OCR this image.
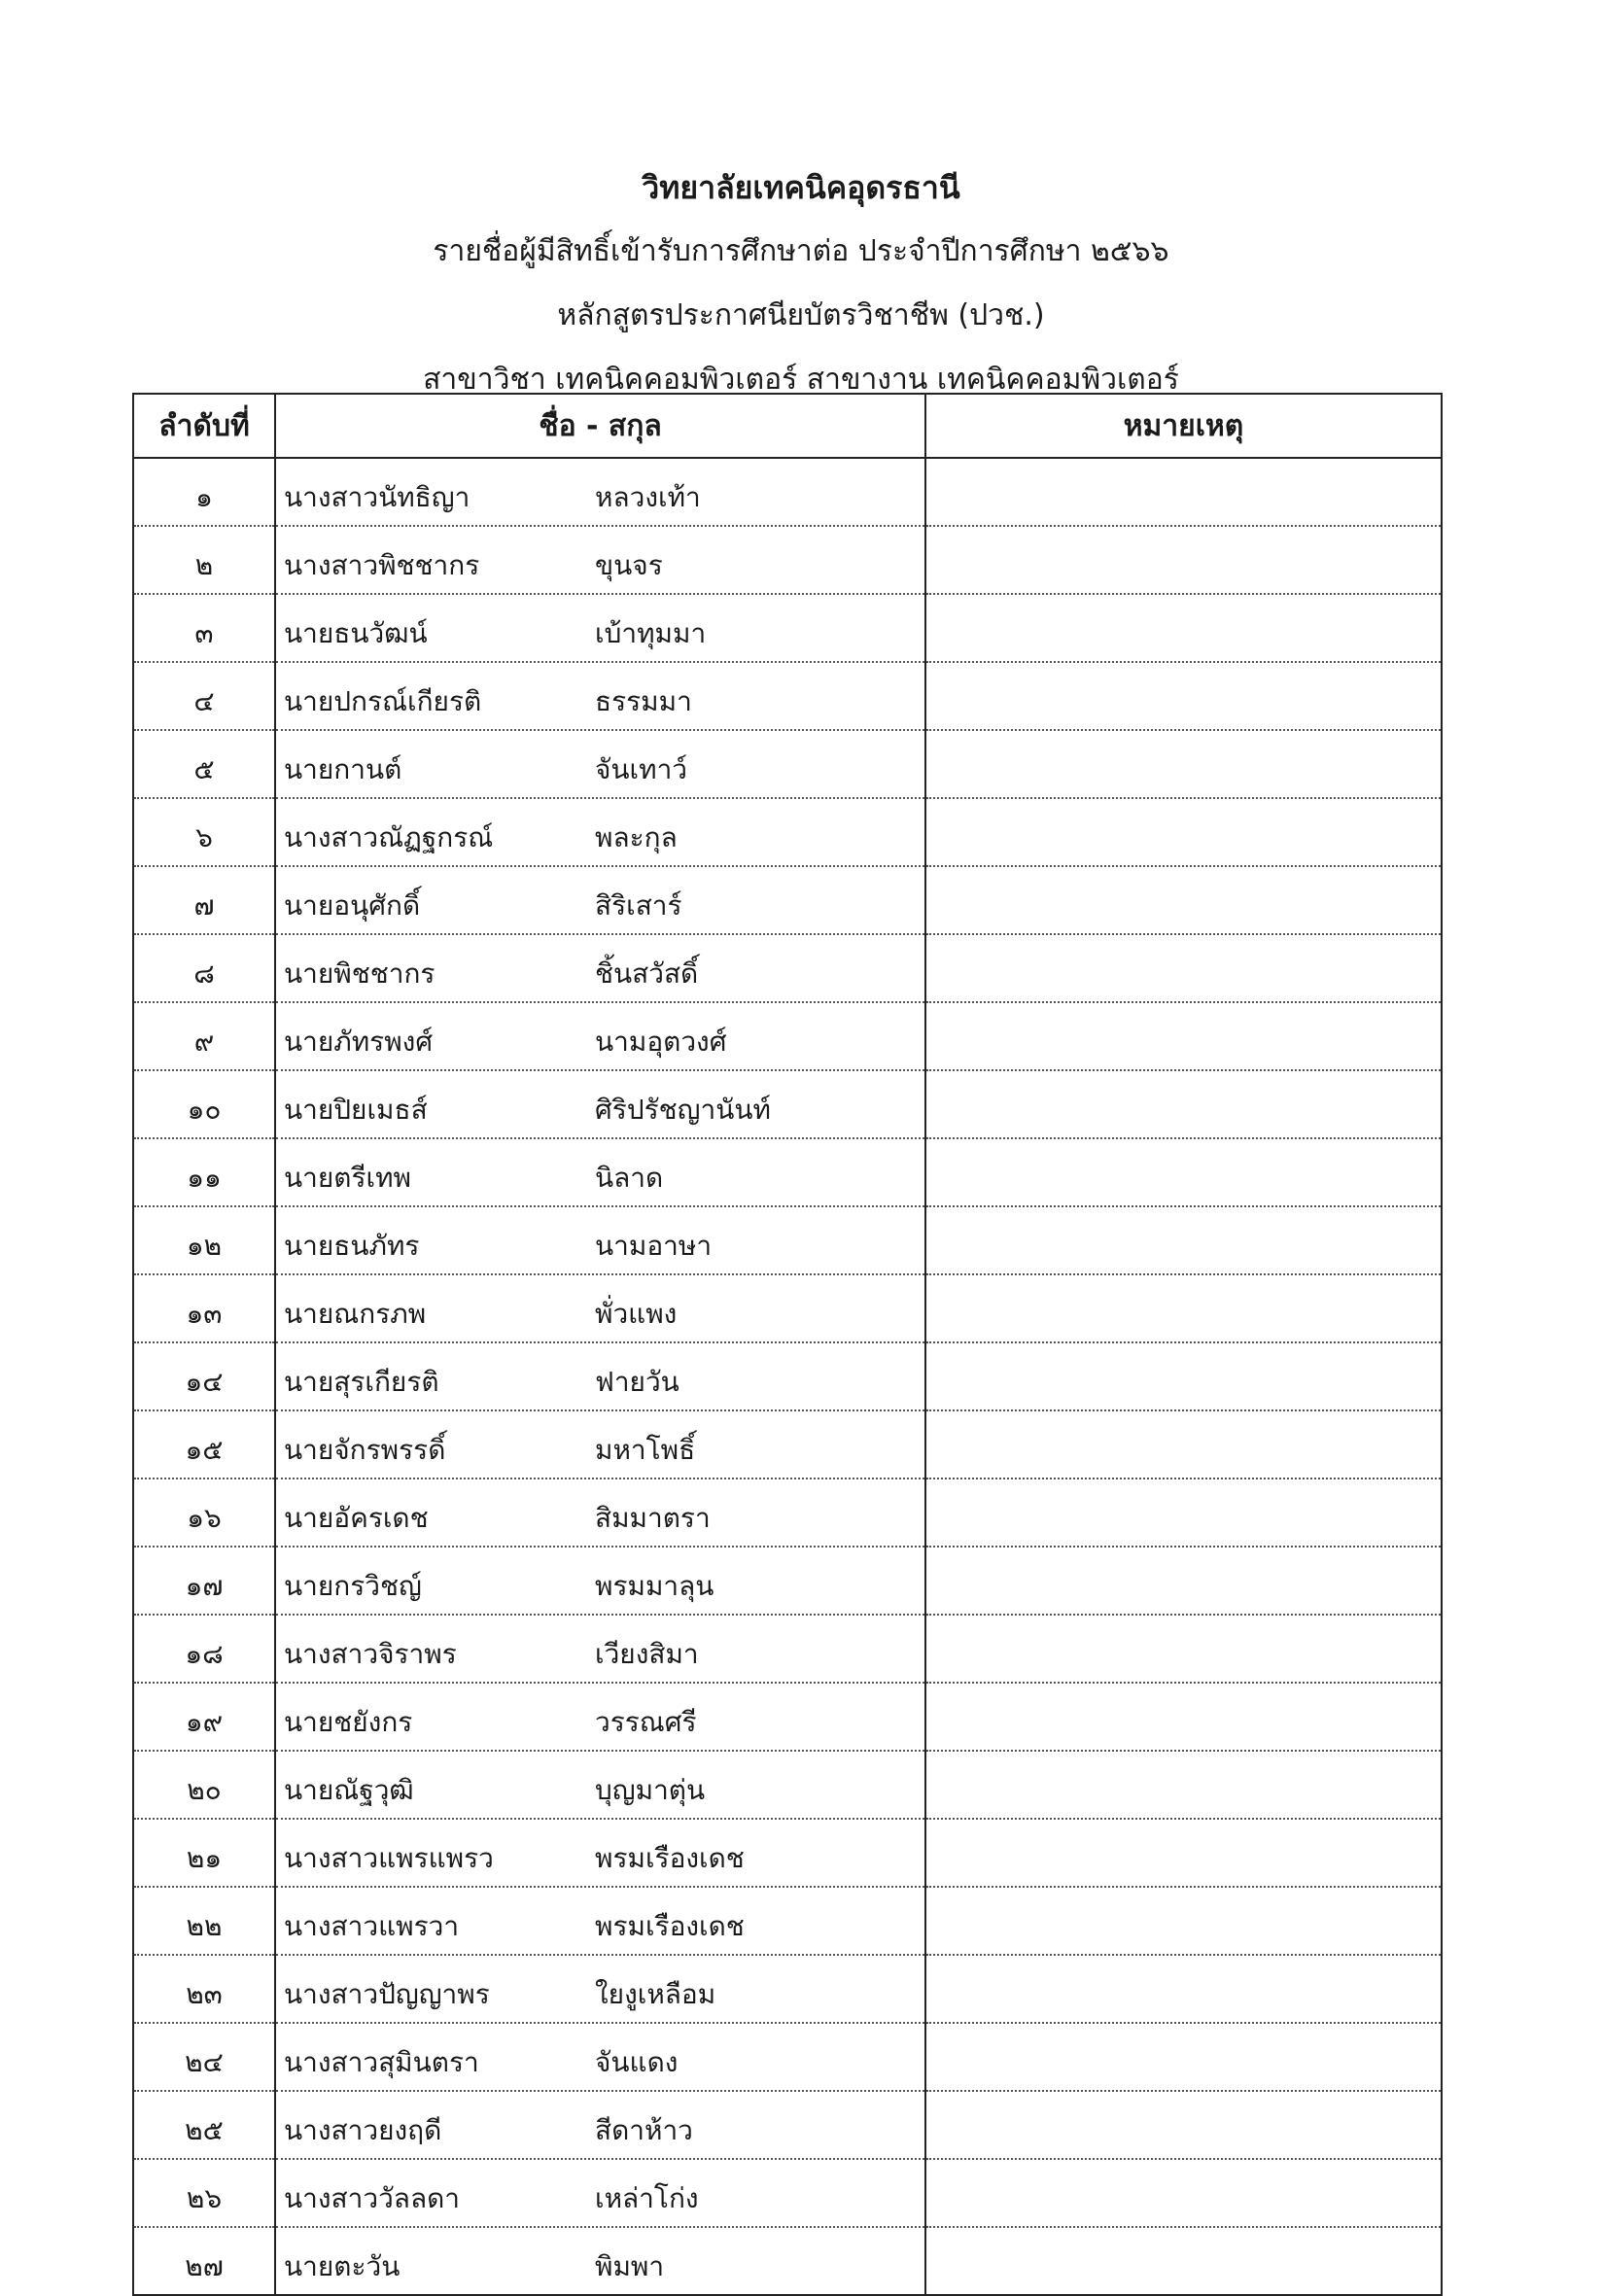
วิทยาลัยเทคนิคอุดรธานี
รายชื่อผู้มีสิทธิ์เข้ารับการศึกษาต่อ ประจำปีการศึกษา ๒๕๖๖
หลักสูตรประกาศนียบัตรวิชาชีพ (ปวช.)
สาขาวิชา เทคนิคคอมพิวเตอร์ สาขางาน เทคนิคคอมพิวเตอร์
ลำดับที่	ชื่อ - สกุล	หมายเหตุ
๑	นางสาวนัทธิญา หลวงเท้า	
๒	นางสาวพิชชากร ขุนจร	
๓	นายธนวัฒน์ เบ้าทุมมา	
๔	นายปกรณ์เกียรติ ธรรมมา	
๕	นายกานต์ จันเทาว์	
๖	นางสาวณัฏฐกรณ์ พละกุล	
๗	นายอนุศักดิ์ สิริเสาร์	
๘	นายพิชชากร ชิ้นสวัสดิ์	
๙	นายภัทรพงศ์ นามอุตวงศ์	
๑๐	นายปิยเมธส์ ศิริปรัชญานันท์	
๑๑	นายตรีเทพ นิลาด	
๑๒	นายธนภัทร นามอาษา	
๑๓	นายณกรภพ พั่วแพง	
๑๔	นายสุรเกียรติ ฟายวัน	
๑๕	นายจักรพรรดิ์ มหาโพธิ์	
๑๖	นายอัครเดช สิมมาตรา	
๑๗	นายกรวิชญ์ พรมมาลุน	
๑๘	นางสาวจิราพร เวียงสิมา	
๑๙	นายชยังกร วรรณศรี	
๒๐	นายณัฐวุฒิ บุญมาตุ่น	
๒๑	นางสาวแพรแพรว พรมเรืองเดช	
๒๒	นางสาวแพรวา พรมเรืองเดช	
๒๓	นางสาวปัญญาพร ใยงูเหลือม	
๒๔	นางสาวสุมินตรา จันแดง	
๒๕	นางสาวยงฤดี สีดาห้าว	
๒๖	นางสาววัลลดา เหล่าโก่ง	
๒๗	นายตะวัน พิมพา	
